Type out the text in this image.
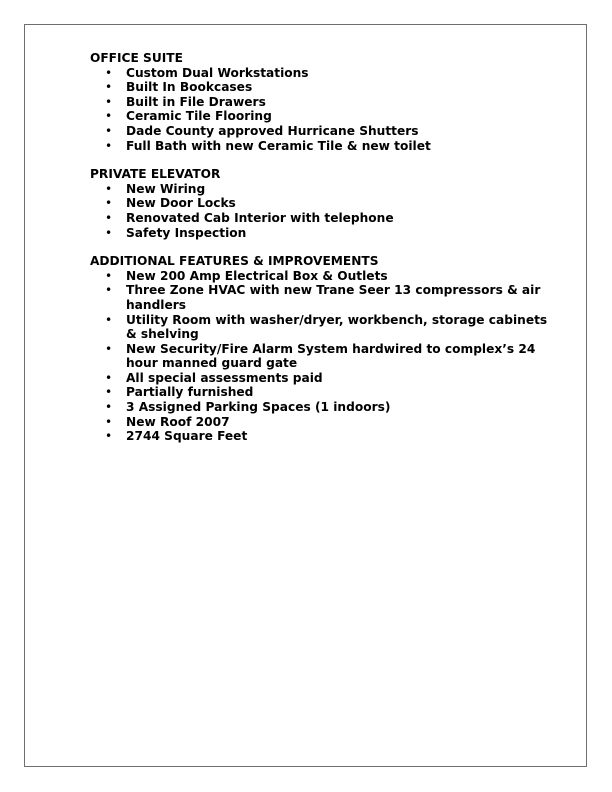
OFFICE SUITE
• Custom Dual Workstations
• Built In Bookcases
• Built in File Drawers
• Ceramic Tile Flooring
• Dade County approved Hurricane Shutters
• Full Bath with new Ceramic Tile & new toilet
PRIVATE ELEVATOR
• New Wiring
• New Door Locks
• Renovated Cab Interior with telephone
• Safety Inspection
ADDITIONAL FEATURES & IMPROVEMENTS
• New 200 Amp Electrical Box & Outlets
• Three Zone HVAC with new Trane Seer 13 compressors & air handlers
• Utility Room with washer/dryer, workbench, storage cabinets & shelving
• New Security/Fire Alarm System hardwired to complex’s 24 hour manned guard gate
• All special assessments paid
• Partially furnished
• 3 Assigned Parking Spaces (1 indoors)
• New Roof 2007
• 2744 Square Feet
